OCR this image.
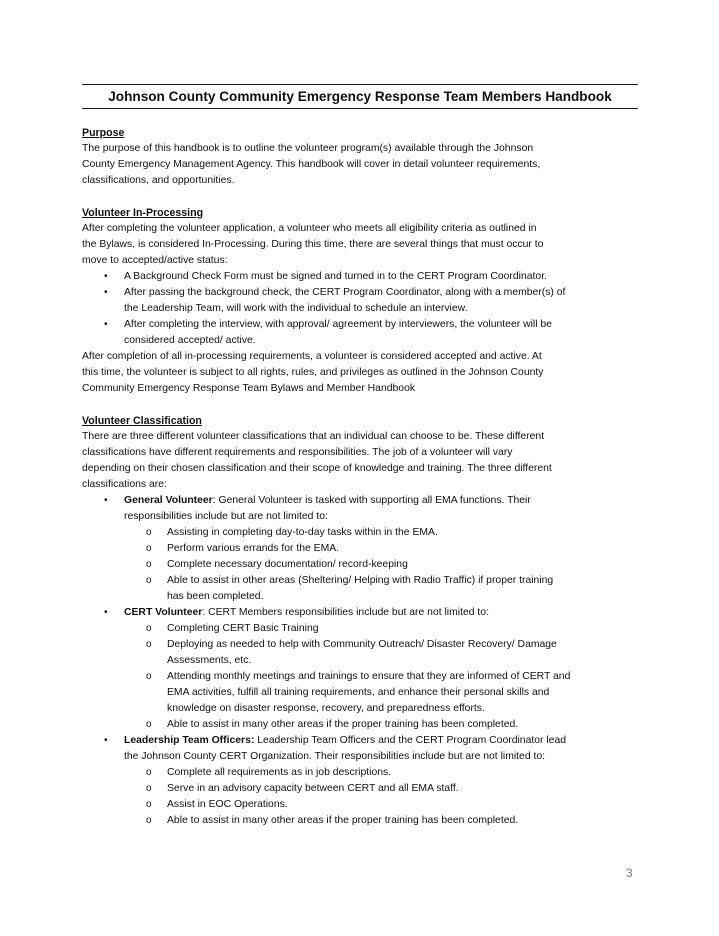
Johnson County Community Emergency Response Team Members Handbook
Purpose

The purpose of this handbook is to outline the volunteer program(s) available through the Johnson

County Emergency Management Agency. This handbook will cover in detail volunteer requirements,

classifications, and opportunities.

Volunteer In-Processing

After completing the volunteer application, a volunteer who meets all eligibility criteria as outlined in

the Bylaws, is considered In-Processing. During this time, there are several things that must occur to

move to accepted/active status:

• A Background Check Form must be signed and turned in to the CERT Program Coordinator.
• After passing the background check, the CERT Program Coordinator, along with a member(s) of
the Leadership Team, will work with the individual to schedule an interview.
• After completing the interview, with approval/ agreement by interviewers, the volunteer will be
considered accepted/ active.

After completion of all in-processing requirements, a volunteer is considered accepted and active. At

this time, the volunteer is subject to all rights, rules, and privileges as outlined in the Johnson County

Community Emergency Response Team Bylaws and Member Handbook

Volunteer Classification

There are three different volunteer classifications that an individual can choose to be. These different

classifications have different requirements and responsibilities. The job of a volunteer will vary

depending on their chosen classification and their scope of knowledge and training. The three different

classifications are:

• General Volunteer: General Volunteer is tasked with supporting all EMA functions. Their
responsibilities include but are not limited to:
o Assisting in completing day-to-day tasks within in the EMA.
o Perform various errands for the EMA.
o Complete necessary documentation/ record-keeping
o Able to assist in other areas (Sheltering/ Helping with Radio Traffic) if proper training
has been completed.
• CERT Volunteer: CERT Members responsibilities include but are not limited to:
o Completing CERT Basic Training
o Deploying as needed to help with Community Outreach/ Disaster Recovery/ Damage
Assessments, etc.
o Attending monthly meetings and trainings to ensure that they are informed of CERT and
EMA activities, fulfill all training requirements, and enhance their personal skills and
knowledge on disaster response, recovery, and preparedness efforts.
o Able to assist in many other areas if the proper training has been completed.
• Leadership Team Officers: Leadership Team Officers and the CERT Program Coordinator lead
the Johnson County CERT Organization. Their responsibilities include but are not limited to:
o Complete all requirements as in job descriptions.
o Serve in an advisory capacity between CERT and all EMA staff.
o Assist in EOC Operations.
o Able to assist in many other areas if the proper training has been completed.
3
